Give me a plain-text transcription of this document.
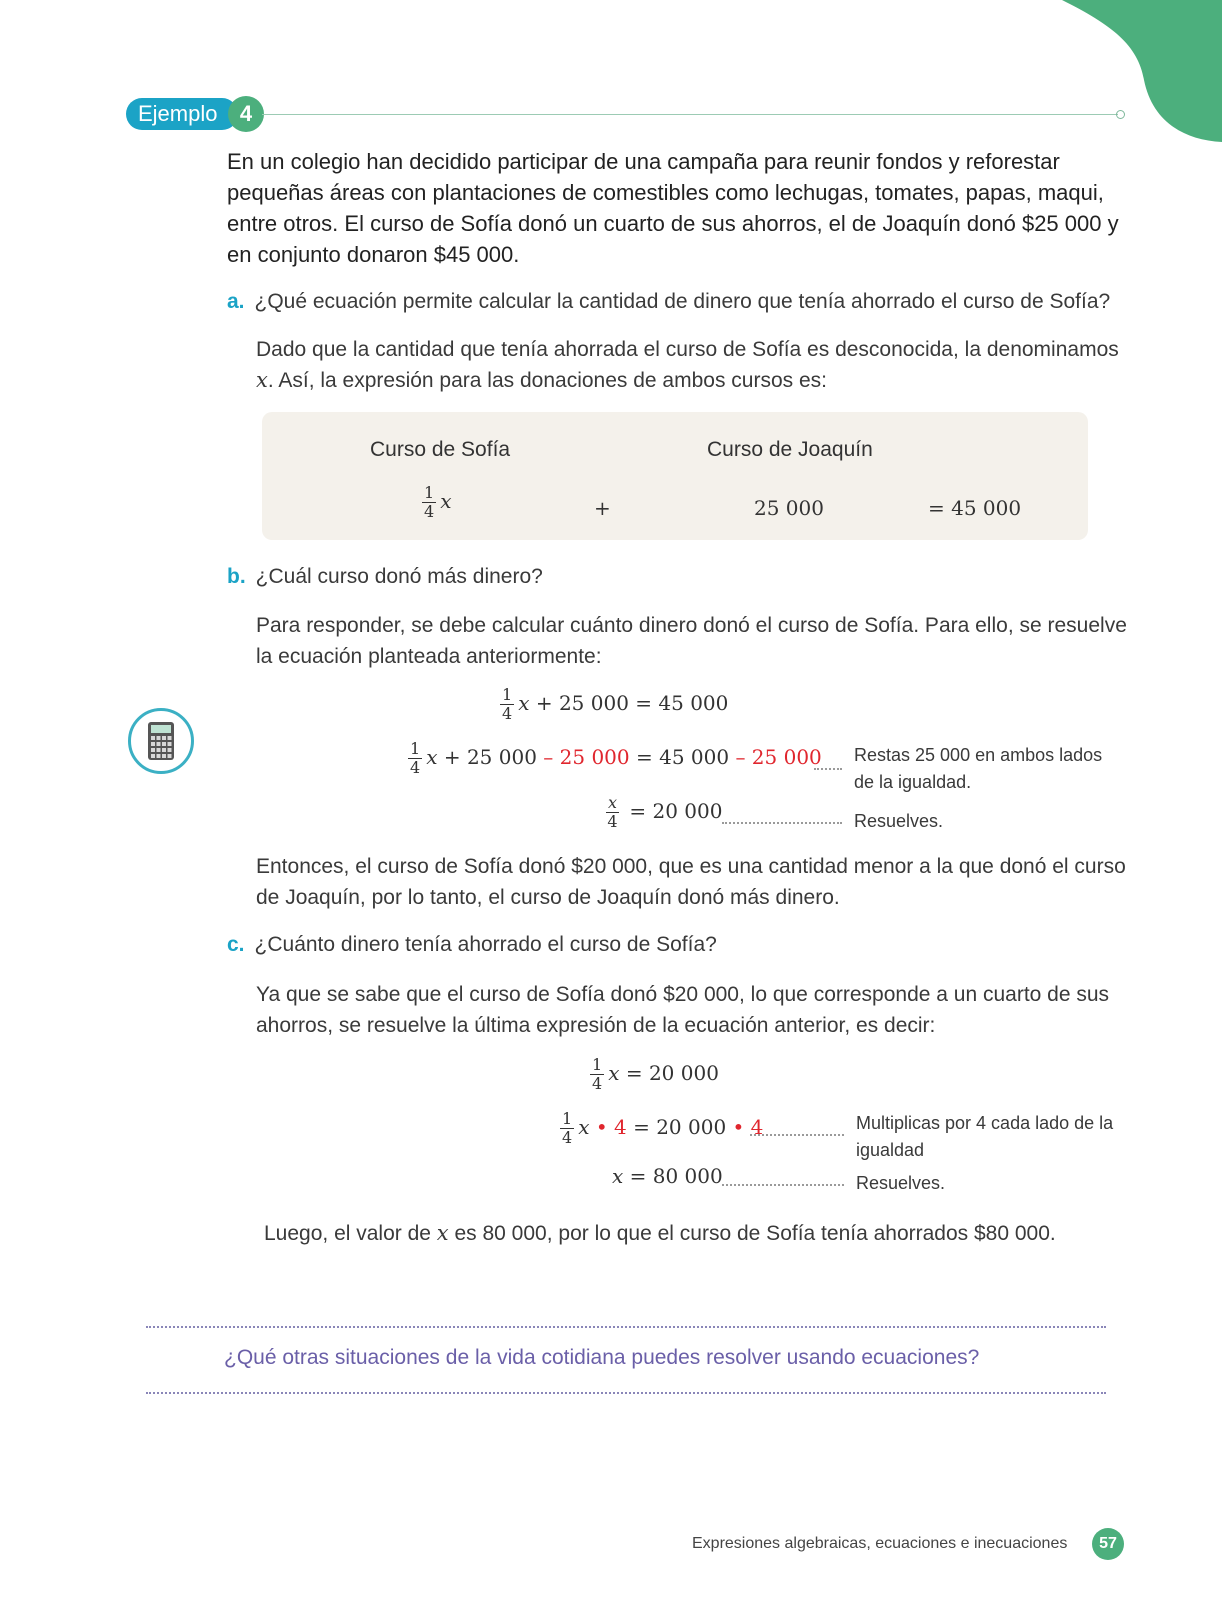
Ejemplo	4
En un colegio han decidido participar de una campaña para reunir fondos y reforestar pequeñas áreas con plantaciones de comestibles como lechugas, tomates, papas, maqui, entre otros. El curso de Sofía donó un cuarto de sus ahorros, el de Joaquín donó $25 000 y en conjunto donaron $45 000.
a. ¿Qué ecuación permite calcular la cantidad de dinero que tenía ahorrado el curso de Sofía?
Dado que la cantidad que tenía ahorrada el curso de Sofía es desconocida, la denominamos x. Así, la expresión para las donaciones de ambos cursos es:
Curso de Sofía	Curso de Joaquín
$\frac{1}{4}$ x	+	25 000	= 45 000
b. ¿Cuál curso donó más dinero?
Para responder, se debe calcular cuánto dinero donó el curso de Sofía. Para ello, se resuelve la ecuación planteada anteriormente:
$\frac{1}{4}$ x + 25 000 = 45 000
$\frac{1}{4}$ x + 25 000 – 25 000 = 45 000 – 25 000
$\frac{x}{4} = 20$ 000
Restas 25 000 en ambos lados de la igualdad.
Resuelves.
Entonces, el curso de Sofía donó $20 000, que es una cantidad menor a la que donó el curso de Joaquín, por lo tanto, el curso de Joaquín donó más dinero.
c. ¿Cuánto dinero tenía ahorrado el curso de Sofía?
Ya que se sabe que el curso de Sofía donó $20 000, lo que corresponde a un cuarto de sus ahorros, se resuelve la última expresión de la ecuación anterior, es decir:
$\frac{1}{4}$ x = 20 000
$\frac{1}{4}$ x • 4 = 20 000 • 4
x = 80 000
Multiplicas por 4 cada lado de la igualdad
Resuelves.
Luego, el valor de x es 80 000, por lo que el curso de Sofía tenía ahorrados $80 000.
¿Qué otras situaciones de la vida cotidiana puedes resolver usando ecuaciones?
Expresiones algebraicas, ecuaciones e inecuaciones	57
